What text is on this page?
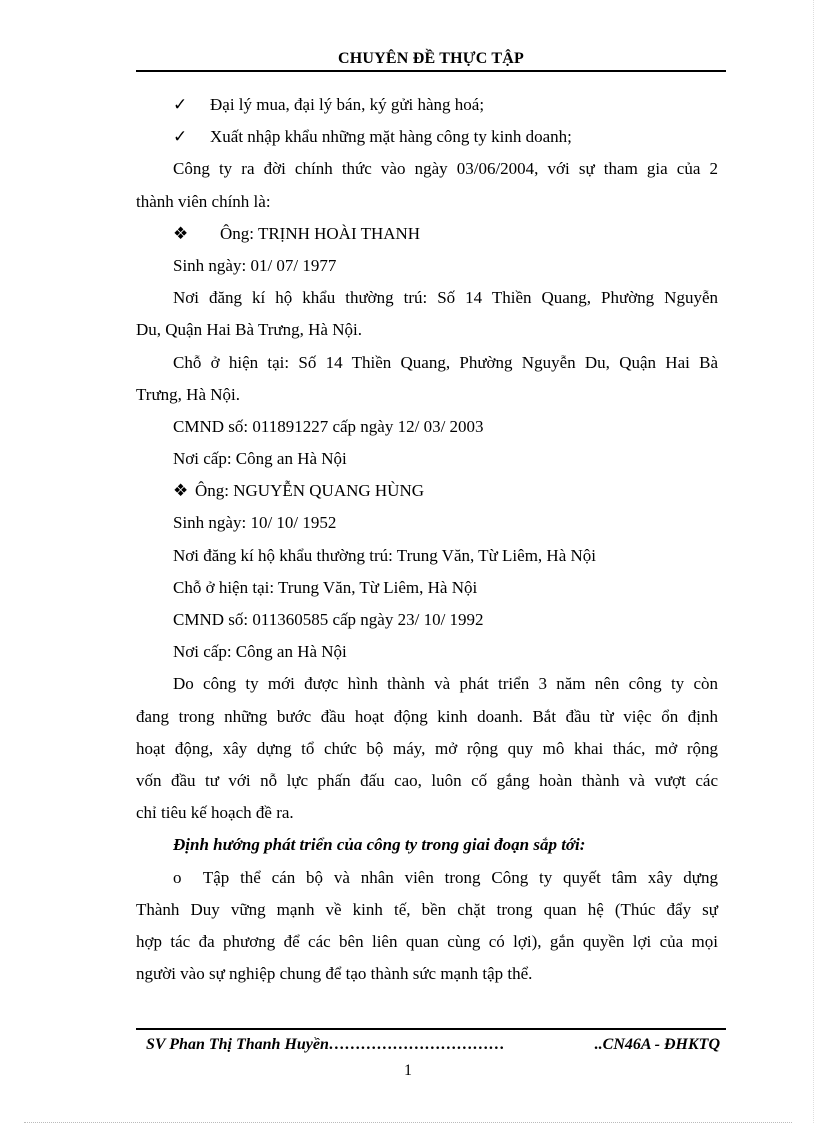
CHUYÊN ĐỀ THỰC TẬP
✓ Đại lý mua, đại lý bán, ký gửi hàng hoá;
✓ Xuất nhập khẩu những mặt hàng công ty kinh doanh;
Công ty ra đời chính thức vào ngày 03/06/2004, với sự tham gia của 2
thành viên chính là:
❖ Ông: TRỊNH HOÀI THANH
Sinh ngày: 01/ 07/ 1977
Nơi đăng kí hộ khẩu thường trú: Số 14 Thiền Quang, Phường Nguyễn
Du, Quận Hai Bà Trưng, Hà Nội.
Chỗ ở hiện tại: Số 14 Thiền Quang, Phường Nguyễn Du, Quận Hai Bà
Trưng, Hà Nội.
CMND số: 011891227 cấp ngày 12/ 03/ 2003
Nơi cấp: Công an Hà Nội
❖ Ông: NGUYỄN QUANG HÙNG
Sinh ngày: 10/ 10/ 1952
Nơi đăng kí hộ khẩu thường trú: Trung Văn, Từ Liêm, Hà Nội
Chỗ ở hiện tại: Trung Văn, Từ Liêm, Hà Nội
CMND số: 011360585 cấp ngày 23/ 10/ 1992
Nơi cấp: Công an Hà Nội
Do công ty mới được hình thành và phát triển 3 năm nên công ty còn
đang trong những bước đầu hoạt động kinh doanh. Bắt đầu từ việc ổn định
hoạt động, xây dựng tổ chức bộ máy, mở rộng quy mô khai thác, mở rộng
vốn đầu tư với nỗ lực phấn đấu cao, luôn cố gắng hoàn thành và vượt các
chỉ tiêu kế hoạch đề ra.
Định hướng phát triển của công ty trong giai đoạn sắp tới:
o Tập thể cán bộ và nhân viên trong Công ty quyết tâm xây dựng
Thành Duy vững mạnh về kinh tế, bền chặt trong quan hệ (Thúc đẩy sự
hợp tác đa phương để các bên liên quan cùng có lợi), gắn quyền lợi của mọi
người vào sự nghiệp chung để tạo thành sức mạnh tập thể.
SV Phan Thị Thanh Huyền……………………………	..CN46A - ĐHKTQ
1
